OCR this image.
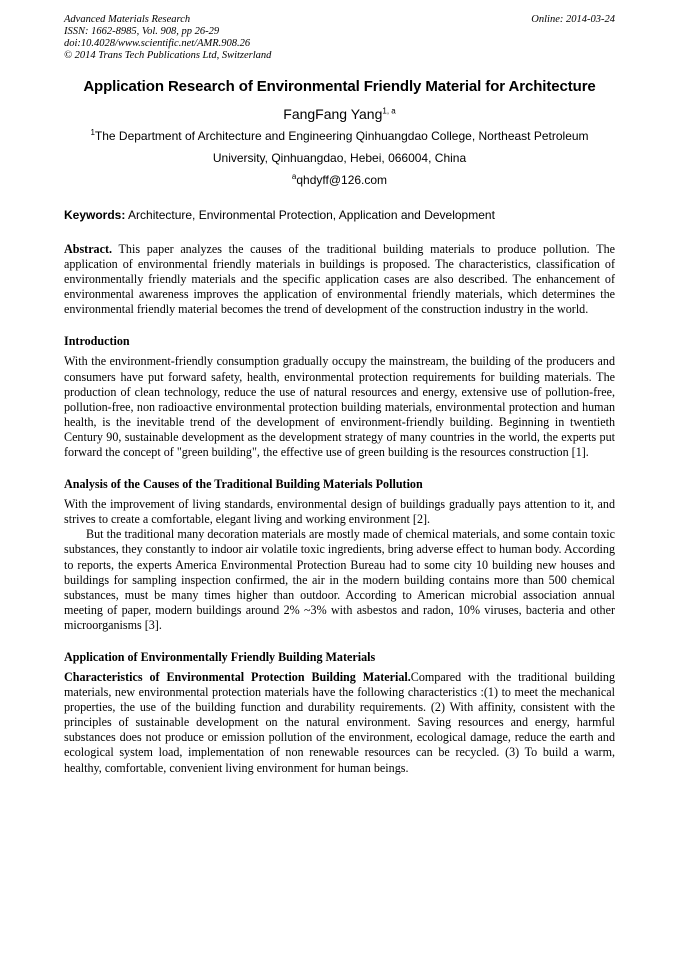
Advanced Materials Research
ISSN: 1662-8985, Vol. 908, pp 26-29
doi:10.4028/www.scientific.net/AMR.908.26
© 2014 Trans Tech Publications Ltd, Switzerland
Online: 2014-03-24
Application Research of Environmental Friendly Material for Architecture
FangFang Yang$^{1, a}$
$^1$The Department of Architecture and Engineering Qinhuangdao College, Northeast Petroleum
University, Qinhuangdao, Hebei, 066004, China
$^a$qhdyff@126.com
Keywords: Architecture, Environmental Protection, Application and Development

Abstract. This paper analyzes the causes of the traditional building materials to produce pollution. The application of environmental friendly materials in buildings is proposed. The characteristics, classification of environmentally friendly materials and the specific application cases are also described. The enhancement of environmental awareness improves the application of environmental friendly materials, which determines the environmental friendly material becomes the trend of development of the construction industry in the world.

Introduction

With the environment-friendly consumption gradually occupy the mainstream, the building of the producers and consumers have put forward safety, health, environmental protection requirements for building materials. The production of clean technology, reduce the use of natural resources and energy, extensive use of pollution-free, pollution-free, non radioactive environmental protection building materials, environmental protection and human health, is the inevitable trend of the development of environment-friendly building. Beginning in twentieth Century 90, sustainable development as the development strategy of many countries in the world, the experts put forward the concept of "green building", the effective use of green building is the resources construction [1].

Analysis of the Causes of the Traditional Building Materials Pollution

With the improvement of living standards, environmental design of buildings gradually pays attention to it, and strives to create a comfortable, elegant living and working environment [2].

But the traditional many decoration materials are mostly made of chemical materials, and some contain toxic substances, they constantly to indoor air volatile toxic ingredients, bring adverse effect to human body. According to reports, the experts America Environmental Protection Bureau had to some city 10 building new houses and buildings for sampling inspection confirmed, the air in the modern building contains more than 500 chemical substances, must be many times higher than outdoor. According to American microbial association annual meeting of paper, modern buildings around 2% ~3% with asbestos and radon, 10% viruses, bacteria and other microorganisms [3].

Application of Environmentally Friendly Building Materials

Characteristics of Environmental Protection Building Material.Compared with the traditional building materials, new environmental protection materials have the following characteristics :(1) to meet the mechanical properties, the use of the building function and durability requirements. (2) With affinity, consistent with the principles of sustainable development on the natural environment. Saving resources and energy, harmful substances does not produce or emission pollution of the environment, ecological damage, reduce the earth and ecological system load, implementation of non renewable resources can be recycled. (3) To build a warm, healthy, comfortable, convenient living environment for human beings.
